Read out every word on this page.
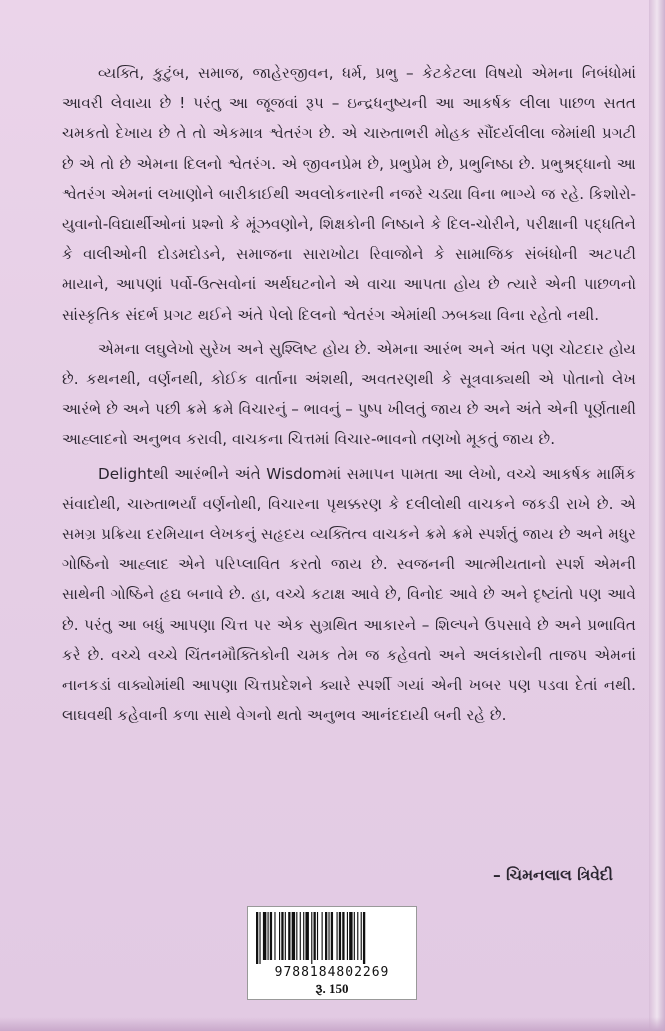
વ્યક્તિ, કુટુંબ, સમાજ, જાહેરજીવન, ધર્મ, પ્રભુ – કેટકેટલા વિષયો એમના નિબંધોમાં આવરી લેવાયા છે ! પરંતુ આ જૂજવાં રૂપ – ઇન્દ્રધનુષ્યની આ આકર્ષક લીલા પાછળ સતત ચમકતો દેખાય છે તે તો એકમાત્ર શ્વેતરંગ છે. એ ચારુતાભરી મોહક સૌંદર્યલીલા જેમાંથી પ્રગટી છે એ તો છે એમના દિલનો શ્વેતરંગ. એ જીવનપ્રેમ છે, પ્રભુપ્રેમ છે, પ્રભુનિષ્ઠા છે. પ્રભુશ્રદ્ધાનો આ શ્વેતરંગ એમનાં લખાણોને બારીકાઈથી અવલોકનારની નજરે ચડ્યા વિના ભાગ્યે જ રહે. કિશોરો-યુવાનો-વિદ્યાર્થીઓનાં પ્રશ્નો કે મૂંઝવણોને, શિક્ષકોની નિષ્ઠાને કે દિલ-ચોરીને, પરીક્ષાની પદ્ધતિને કે વાલીઓની દોડમદોડને, સમાજના સારાખોટા રિવાજોને કે સામાજિક સંબંધોની અટપટી માયાને, આપણાં પર્વો-ઉત્સવોનાં અર્થઘટનોને એ વાચા આપતા હોય છે ત્યારે એની પાછળનો સાંસ્કૃતિક સંદર્ભ પ્રગટ થઈને અંતે પેલો દિલનો શ્વેતરંગ એમાંથી ઝબક્યા વિના રહેતો નથી.

એમના લઘુલેખો સુરેખ અને સુશ્લિષ્ટ હોય છે. એમના આરંભ અને અંત પણ ચોટદાર હોય છે. કથનથી, વર્ણનથી, કોઈક વાર્તાના અંશથી, અવતરણથી કે સૂત્રવાક્યથી એ પોતાનો લેખ આરંભે છે અને પછી ક્રમે ક્રમે વિચારનું – ભાવનું – પુષ્પ ખીલતું જાય છે અને અંતે એની પૂર્ણતાથી આહ્લાદનો અનુભવ કરાવી, વાચકના ચિત્તમાં વિચાર-ભાવનો તણખો મૂકતું જાય છે.

Delightથી આરંભીને અંતે Wisdomમાં સમાપન પામતા આ લેખો, વચ્ચે આકર્ષક માર્મિક સંવાદોથી, ચારુતાભર્યાં વર્ણનોથી, વિચારના પૃથક્કરણ કે દલીલોથી વાચકને જકડી રાખે છે. એ સમગ્ર પ્રક્રિયા દરમિયાન લેખકનું સહૃદય વ્યક્તિત્વ વાચકને ક્રમે ક્રમે સ્પર્શતું જાય છે અને મધુર ગોષ્ઠિનો આહ્લાદ એને પરિપ્લાવિત કરતો જાય છે. સ્વજનની આત્મીયતાનો સ્પર્શ એમની સાથેની ગોષ્ઠિને હૃદ્ય બનાવે છે. હા, વચ્ચે કટાક્ષ આવે છે, વિનોદ આવે છે અને દૃષ્ટાંતો પણ આવે છે. પરંતુ આ બધું આપણા ચિત્ત પર એક સુગ્રથિત આકારને – શિલ્પને ઉપસાવે છે અને પ્રભાવિત કરે છે. વચ્ચે વચ્ચે ચિંતનમૌક્તિકોની ચમક તેમ જ કહેવતો અને અલંકારોની તાજપ એમનાં નાનકડાં વાક્યોમાંથી આપણા ચિત્તપ્રદેશને ક્યારે સ્પર્શી ગયાં એની ખબર પણ પડવા દેતાં નથી. લાઘવથી કહેવાની કળા સાથે વેગનો થતો અનુભવ આનંદદાયી બની રહે છે.

– ચિમનલાલ ત્રિવેદી
9788184802269
રૂ. 150
